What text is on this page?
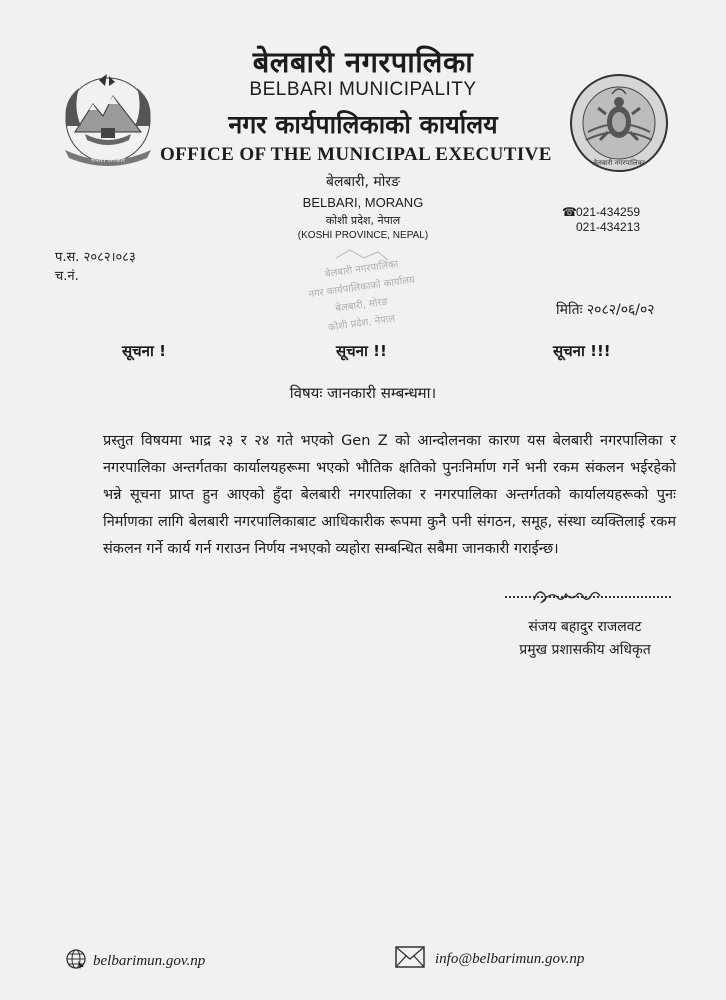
नेपाल सरकार	बेलबारी नगरपालिका
बेलबारी नगरपालिका
BELBARI MUNICIPALITY
नगर कार्यपालिकाको कार्यालय
OFFICE OF THE MUNICIPAL EXECUTIVE
बेलबारी, मोरङ
BELBARI, MORANG
कोशी प्रदेश, नेपाल
(KOSHI PROVINCE, NEPAL)
☎021-434259
021-434213
बेलबारी नगरपालिका
नगर कार्यपालिकाको कार्यालय
बेलबारी, मोरङ
कोशी प्रदेश, नेपाल
प.स. २०८२।०८३
च.नं.
मितिः २०८२/०६/०२
सूचना !	सूचना !!	सूचना !!!
विषयः जानकारी सम्बन्धमा।
प्रस्तुत विषयमा भाद्र २३ र २४ गते भएको Gen Z को आन्दोलनका कारण यस बेलबारी नगरपालिका र नगरपालिका अन्तर्गतका कार्यालयहरूमा भएको भौतिक क्षतिको पुनःनिर्माण गर्ने भनी रकम संकलन भईरहेको भन्ने सूचना प्राप्त हुन आएको हुँदा बेलबारी नगरपालिका र नगरपालिका अन्तर्गतको कार्यालयहरूको पुनः निर्माणका लागि बेलबारी नगरपालिकाबाट आधिकारीक रूपमा कुनै पनी संगठन, समूह, संस्था व्यक्तिलाई रकम संकलन गर्ने कार्य गर्न गराउन निर्णय नभएको व्यहोरा सम्बन्धित सबैमा जानकारी गराईन्छ।
संजय बहादुर राजलवट
प्रमुख प्रशासकीय अधिकृत
belbarimun.gov.np	info@belbarimun.gov.np
